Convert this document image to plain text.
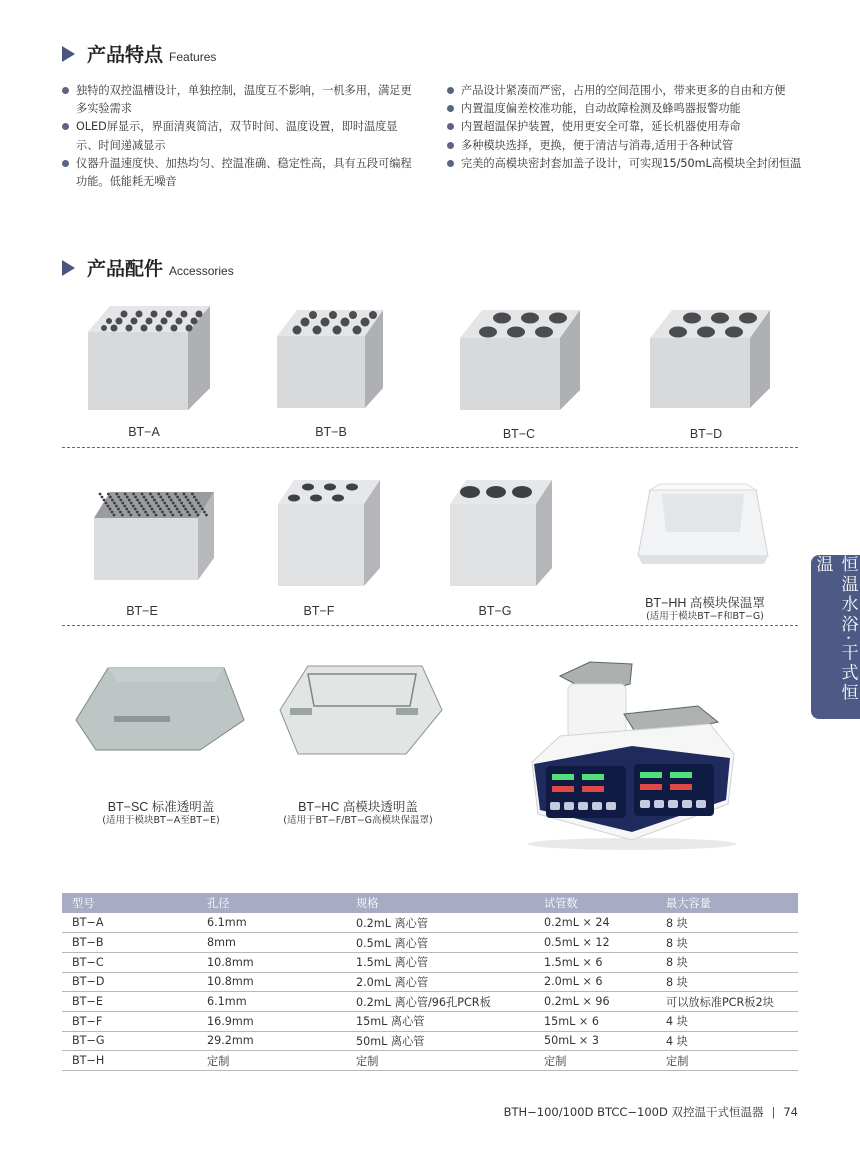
产品特点 Features
独特的双控温槽设计，单独控制，温度互不影响，一机多用，满足更多实验需求
OLED屏显示，界面清爽简洁，双节时间、温度设置，即时温度显示、时间递减显示
仪器升温速度快、加热均匀、控温准确、稳定性高，具有五段可编程功能。低能耗无噪音
产品设计紧凑而严密，占用的空间范围小，带来更多的自由和方便
内置温度偏差校准功能，自动故障检测及蜂鸣器报警功能
内置超温保护装置，使用更安全可靠，延长机器使用寿命
多种模块选择，更换，便于清洁与消毒,适用于各种试管
完美的高模块密封套加盖子设计，可实现15/50mL高模块全封闭恒温
产品配件 Accessories
BT−A	BT−B	BT−C	BT−D
BT−E	BT−F	BT−G
BT−HH 高模块保温罩
(适用于模块BT−F和BT−G)
BT−SC 标准透明盖
(适用于模块BT−A至BT−E)
BT−HC 高模块透明盖
(适用于BT−F/BT−G高模块保温罩)
恒温水浴·干式恒温
型号	孔径	规格	试管数	最大容量
BT−A	6.1mm	0.2mL 离心管	0.2mL × 24	8 块
BT−B	8mm	0.5mL 离心管	0.5mL × 12	8 块
BT−C	10.8mm	1.5mL 离心管	1.5mL × 6	8 块
BT−D	10.8mm	2.0mL 离心管	2.0mL × 6	8 块
BT−E	6.1mm	0.2mL 离心管/96孔PCR板	0.2mL × 96	可以放标准PCR板2块
BT−F	16.9mm	15mL 离心管	15mL × 6	4 块
BT−G	29.2mm	50mL 离心管	50mL × 3	4 块
BT−H	定制	定制	定制	定制
BTH−100/100D BTCC−100D 双控温干式恒温器 | 74
